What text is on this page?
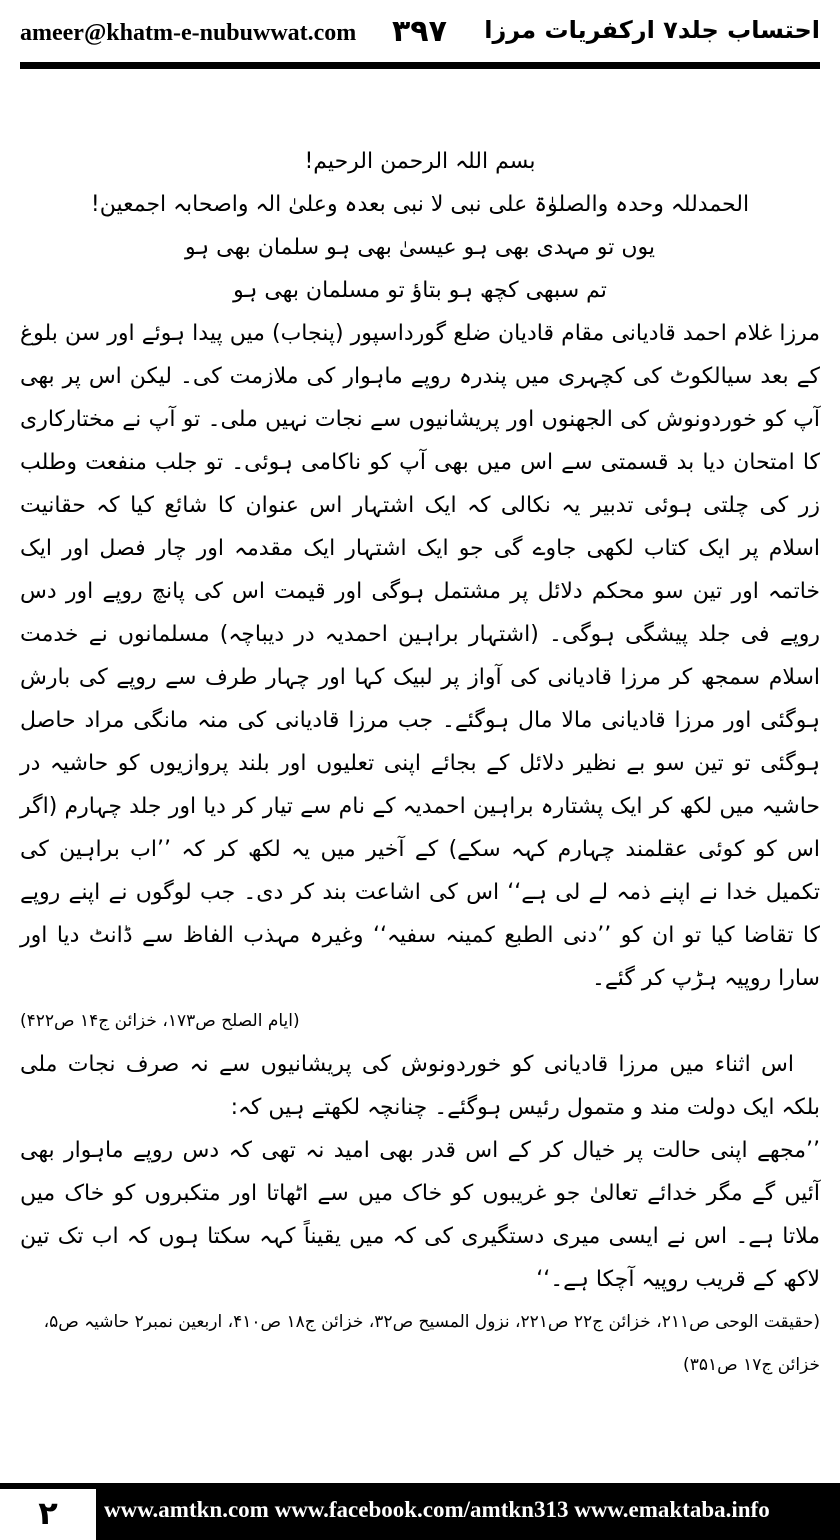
ameer@khatm-e-nubuwwat.com ۳۹۷ احتساب جلد۷ ارکفریات مرزا

بسم اللہ الرحمن الرحیم!

الحمدللہ وحدہ والصلوٰۃ علی نبی لا نبی بعدہ وعلیٰ الہ واصحابہ اجمعین!

یوں تو مہدی بھی ہو عیسیٰ بھی ہو سلمان بھی ہو

تم سبھی کچھ ہو بتاؤ تو مسلمان بھی ہو

مرزا غلام احمد قادیانی مقام قادیان ضلع گورداسپور (پنجاب) میں پیدا ہوئے اور سن بلوغ کے بعد سیالکوٹ کی کچہری میں پندرہ روپے ماہوار کی ملازمت کی۔ لیکن اس پر بھی آپ کو خوردونوش کی الجھنوں اور پریشانیوں سے نجات نہیں ملی۔ تو آپ نے مختارکاری کا امتحان دیا بد قسمتی سے اس میں بھی آپ کو ناکامی ہوئی۔ تو جلب منفعت وطلب زر کی چلتی ہوئی تدبیر یہ نکالی کہ ایک اشتہار اس عنوان کا شائع کیا کہ حقانیت اسلام پر ایک کتاب لکھی جاوے گی جو ایک اشتہار ایک مقدمہ اور چار فصل اور ایک خاتمہ اور تین سو محکم دلائل پر مشتمل ہوگی اور قیمت اس کی پانچ روپے اور دس روپے فی جلد پیشگی ہوگی۔ (اشتہار براہین احمدیہ در دیباچہ) مسلمانوں نے خدمت اسلام سمجھ کر مرزا قادیانی کی آواز پر لبیک کہا اور چہار طرف سے روپے کی بارش ہوگئی اور مرزا قادیانی مالا مال ہوگئے۔ جب مرزا قادیانی کی منہ مانگی مراد حاصل ہوگئی تو تین سو بے نظیر دلائل کے بجائے اپنی تعلیوں اور بلند پروازیوں کو حاشیہ در حاشیہ میں لکھ کر ایک پشتارہ براہین احمدیہ کے نام سے تیار کر دیا اور جلد چہارم (اگر اس کو کوئی عقلمند چہارم کہہ سکے) کے آخیر میں یہ لکھ کر کہ ’’اب براہین کی تکمیل خدا نے اپنے ذمہ لے لی ہے‘‘ اس کی اشاعت بند کر دی۔ جب لوگوں نے اپنے روپے کا تقاضا کیا تو ان کو ’’دنی الطبع کمینہ سفیہ‘‘ وغیرہ مہذب الفاظ سے ڈانٹ دیا اور سارا روپیہ ہڑپ کر گئے۔

(ایام الصلح ص۱۷۳، خزائن ج۱۴ ص۴۲۲)

اس اثناء میں مرزا قادیانی کو خوردونوش کی پریشانیوں سے نہ صرف نجات ملی بلکہ ایک دولت مند و متمول رئیس ہوگئے۔ چنانچہ لکھتے ہیں کہ:

’’مجھے اپنی حالت پر خیال کر کے اس قدر بھی امید نہ تھی کہ دس روپے ماہوار بھی آئیں گے مگر خدائے تعالیٰ جو غریبوں کو خاک میں سے اٹھاتا اور متکبروں کو خاک میں ملاتا ہے۔ اس نے ایسی میری دستگیری کی کہ میں یقیناً کہہ سکتا ہوں کہ اب تک تین لاکھ کے قریب روپیہ آچکا ہے۔‘‘

(حقیقت الوحی ص۲۱۱، خزائن ج۲۲ ص۲۲۱، نزول المسیح ص۳۲، خزائن ج۱۸ ص۴۱۰، اربعین نمبر۲ حاشیہ ص۵،

خزائن ج۱۷ ص۳۵۱)

۲	www.amtkn.com www.facebook.com/amtkn313 www.emaktaba.info
